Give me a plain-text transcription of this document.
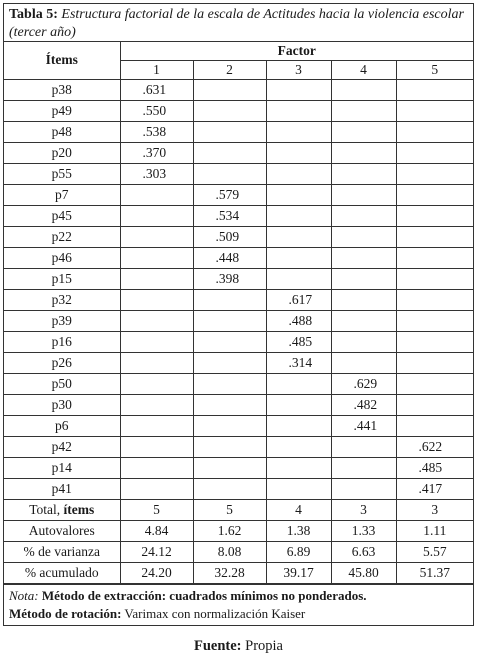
Tabla 5: Estructura factorial de la escala de Actitudes hacia la violencia escolar (tercer año)
Ítems	Factor				
	1	2	3	4	5
p38	.631				
p49	.550				
p48	.538				
p20	.370				
p55	.303				
p7		.579			
p45		.534			
p22		.509			
p46		.448			
p15		.398			
p32			.617		
p39			.488		
p16			.485		
p26			.314		
p50				.629	
p30				.482	
p6				.441	
p42					.622
p14					.485
p41					.417
Total, ítems	5	5	4	3	3
Autovalores	4.84	1.62	1.38	1.33	1.11
% de varianza	24.12	8.08	6.89	6.63	5.57
% acumulado	24.20	32.28	39.17	45.80	51.37
Nota: Método de extracción: cuadrados mínimos no ponderados.
Método de rotación: Varimax con normalización Kaiser
Fuente: Propia
